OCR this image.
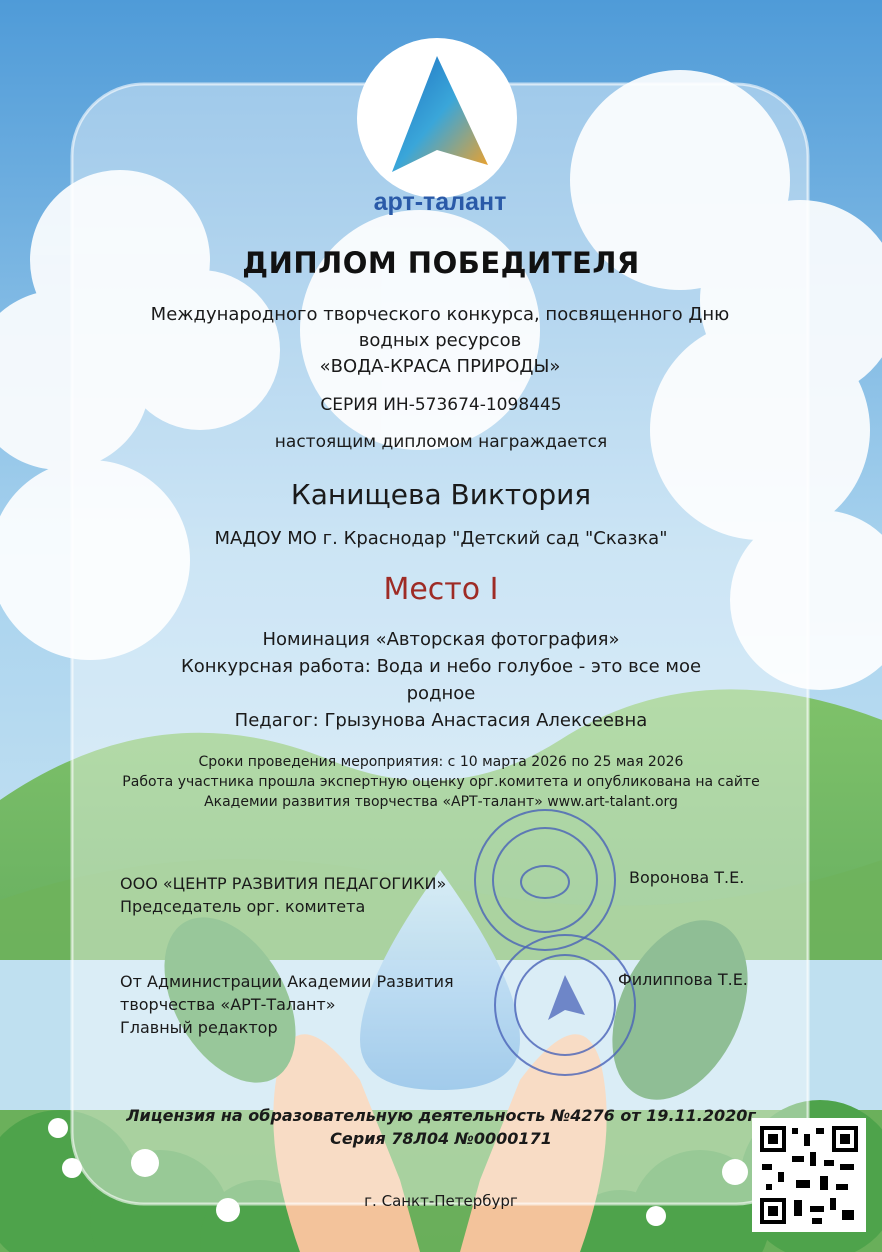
арт-талант
ДИПЛОМ ПОБЕДИТЕЛЯ
Международного творческого конкурса, посвященного Дню водных ресурсов
«ВОДА-КРАСА ПРИРОДЫ»
СЕРИЯ ИН-573674-1098445
настоящим дипломом награждается
Канищева Виктория
МАДОУ МО г. Краснодар "Детский сад "Сказка"
Место I
Номинация «Авторская фотография»
Конкурсная работа: Вода и небо голубое - это все мое родное
Педагог: Грызунова Анастасия Алексеевна
Сроки проведения мероприятия: с 10 марта 2026 по 25 мая 2026
Работа участника прошла экспертную оценку орг.комитета и опубликована на сайте Академии развития творчества «АРТ-талант» www.art-talant.org
ООО «ЦЕНТР РАЗВИТИЯ ПЕДАГОГИКИ»
Председатель орг. комитета
Воронова Т.Е.
От Администрации Академии Развития
творчества «АРТ-Талант»
Главный редактор
Филиппова Т.Е.
Лицензия на образовательную деятельность №4276 от 19.11.2020г
Серия 78Л04 №0000171
г. Санкт-Петербург
